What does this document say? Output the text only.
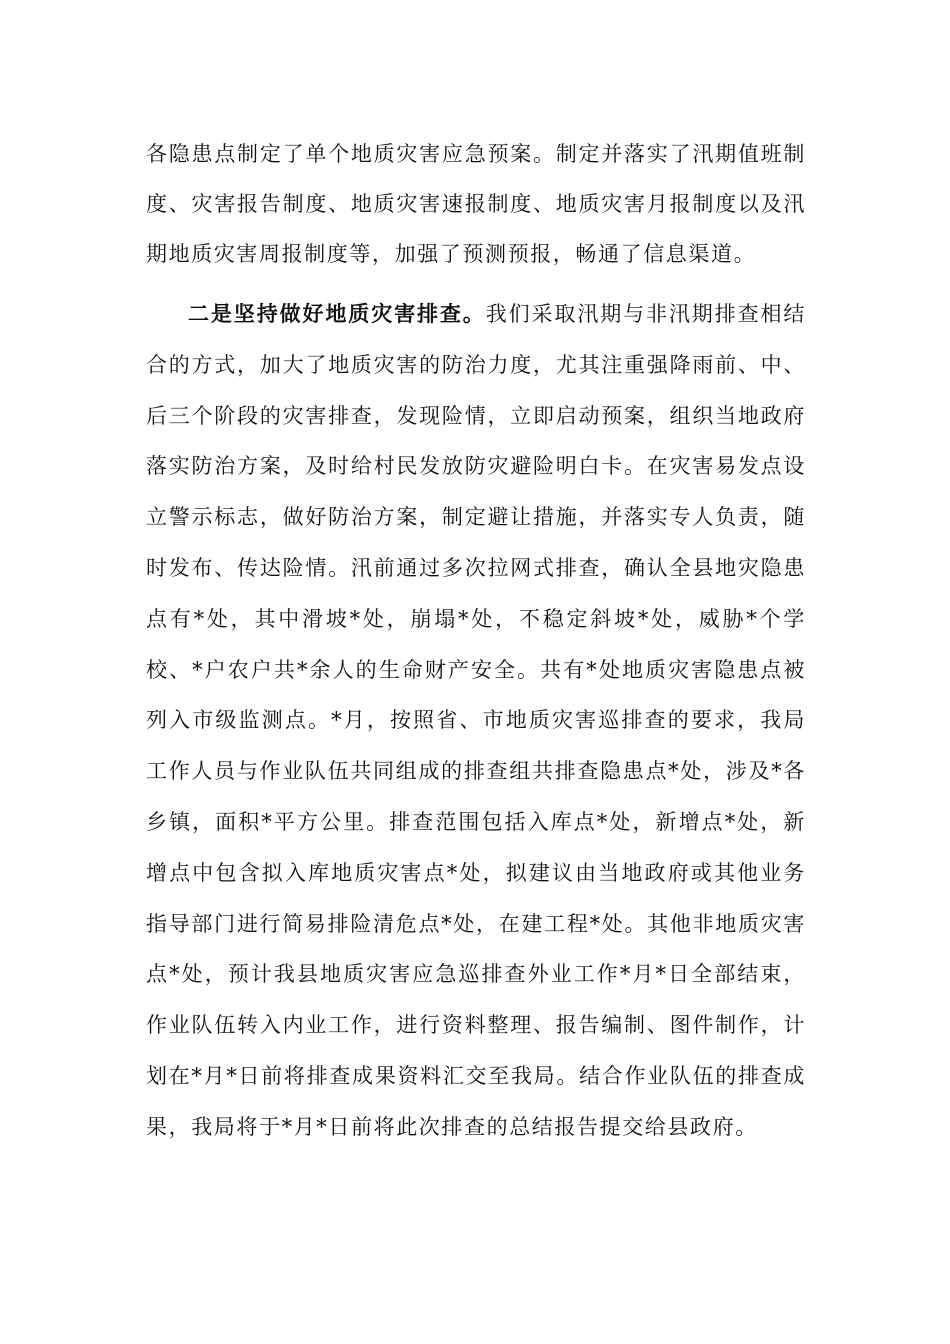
各隐患点制定了单个地质灾害应急预案。制定并落实了汛期值班制度、灾害报告制度、地质灾害速报制度、地质灾害月报制度以及汛期地质灾害周报制度等，加强了预测预报，畅通了信息渠道。

二是坚持做好地质灾害排查。我们采取汛期与非汛期排查相结合的方式，加大了地质灾害的防治力度，尤其注重强降雨前、中、后三个阶段的灾害排查，发现险情，立即启动预案，组织当地政府落实防治方案，及时给村民发放防灾避险明白卡。在灾害易发点设立警示标志，做好防治方案，制定避让措施，并落实专人负责，随时发布、传达险情。汛前通过多次拉网式排查，确认全县地灾隐患点有*处，其中滑坡*处，崩塌*处，不稳定斜坡*处，威胁*个学校、*户农户共*余人的生命财产安全。共有*处地质灾害隐患点被列入市级监测点。*月，按照省、市地质灾害巡排查的要求，我局工作人员与作业队伍共同组成的排查组共排查隐患点*处，涉及*各乡镇，面积*平方公里。排查范围包括入库点*处，新增点*处，新增点中包含拟入库地质灾害点*处，拟建议由当地政府或其他业务指导部门进行简易排险清危点*处，在建工程*处。其他非地质灾害点*处，预计我县地质灾害应急巡排查外业工作*月*日全部结束，作业队伍转入内业工作，进行资料整理、报告编制、图件制作，计划在*月*日前将排查成果资料汇交至我局。结合作业队伍的排查成果，我局将于*月*日前将此次排查的总结报告提交给县政府。
